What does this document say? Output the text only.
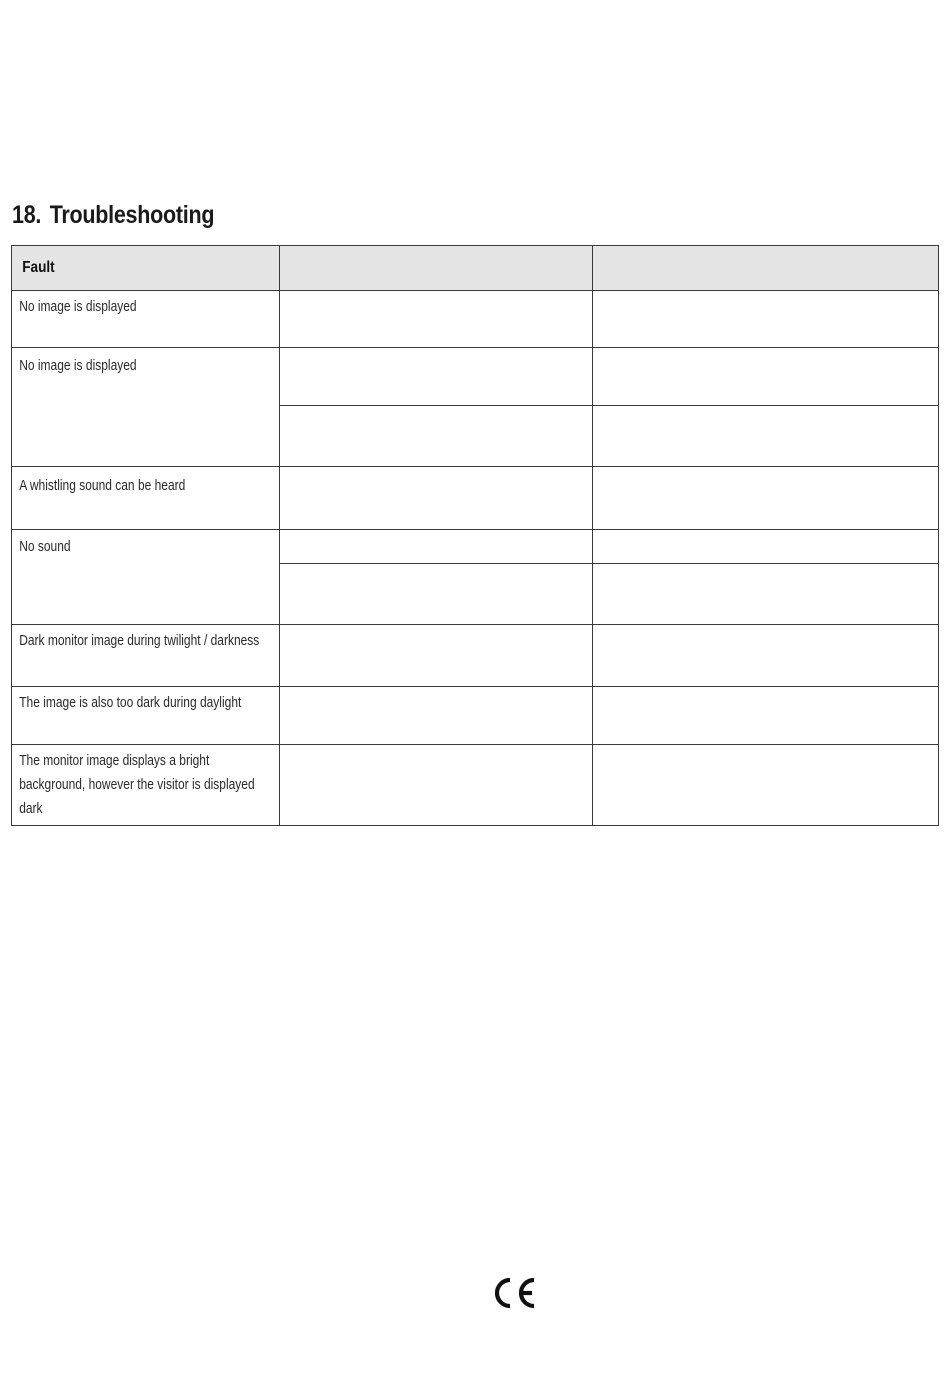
18. Troubleshooting
Fault		

No image is displayed		

No image is displayed		

A whistling sound can be heard		

No sound		

Dark monitor image during twilight / darkness		

The image is also too dark during daylight		

The monitor image displays a bright background, however the visitor is displayed dark		
